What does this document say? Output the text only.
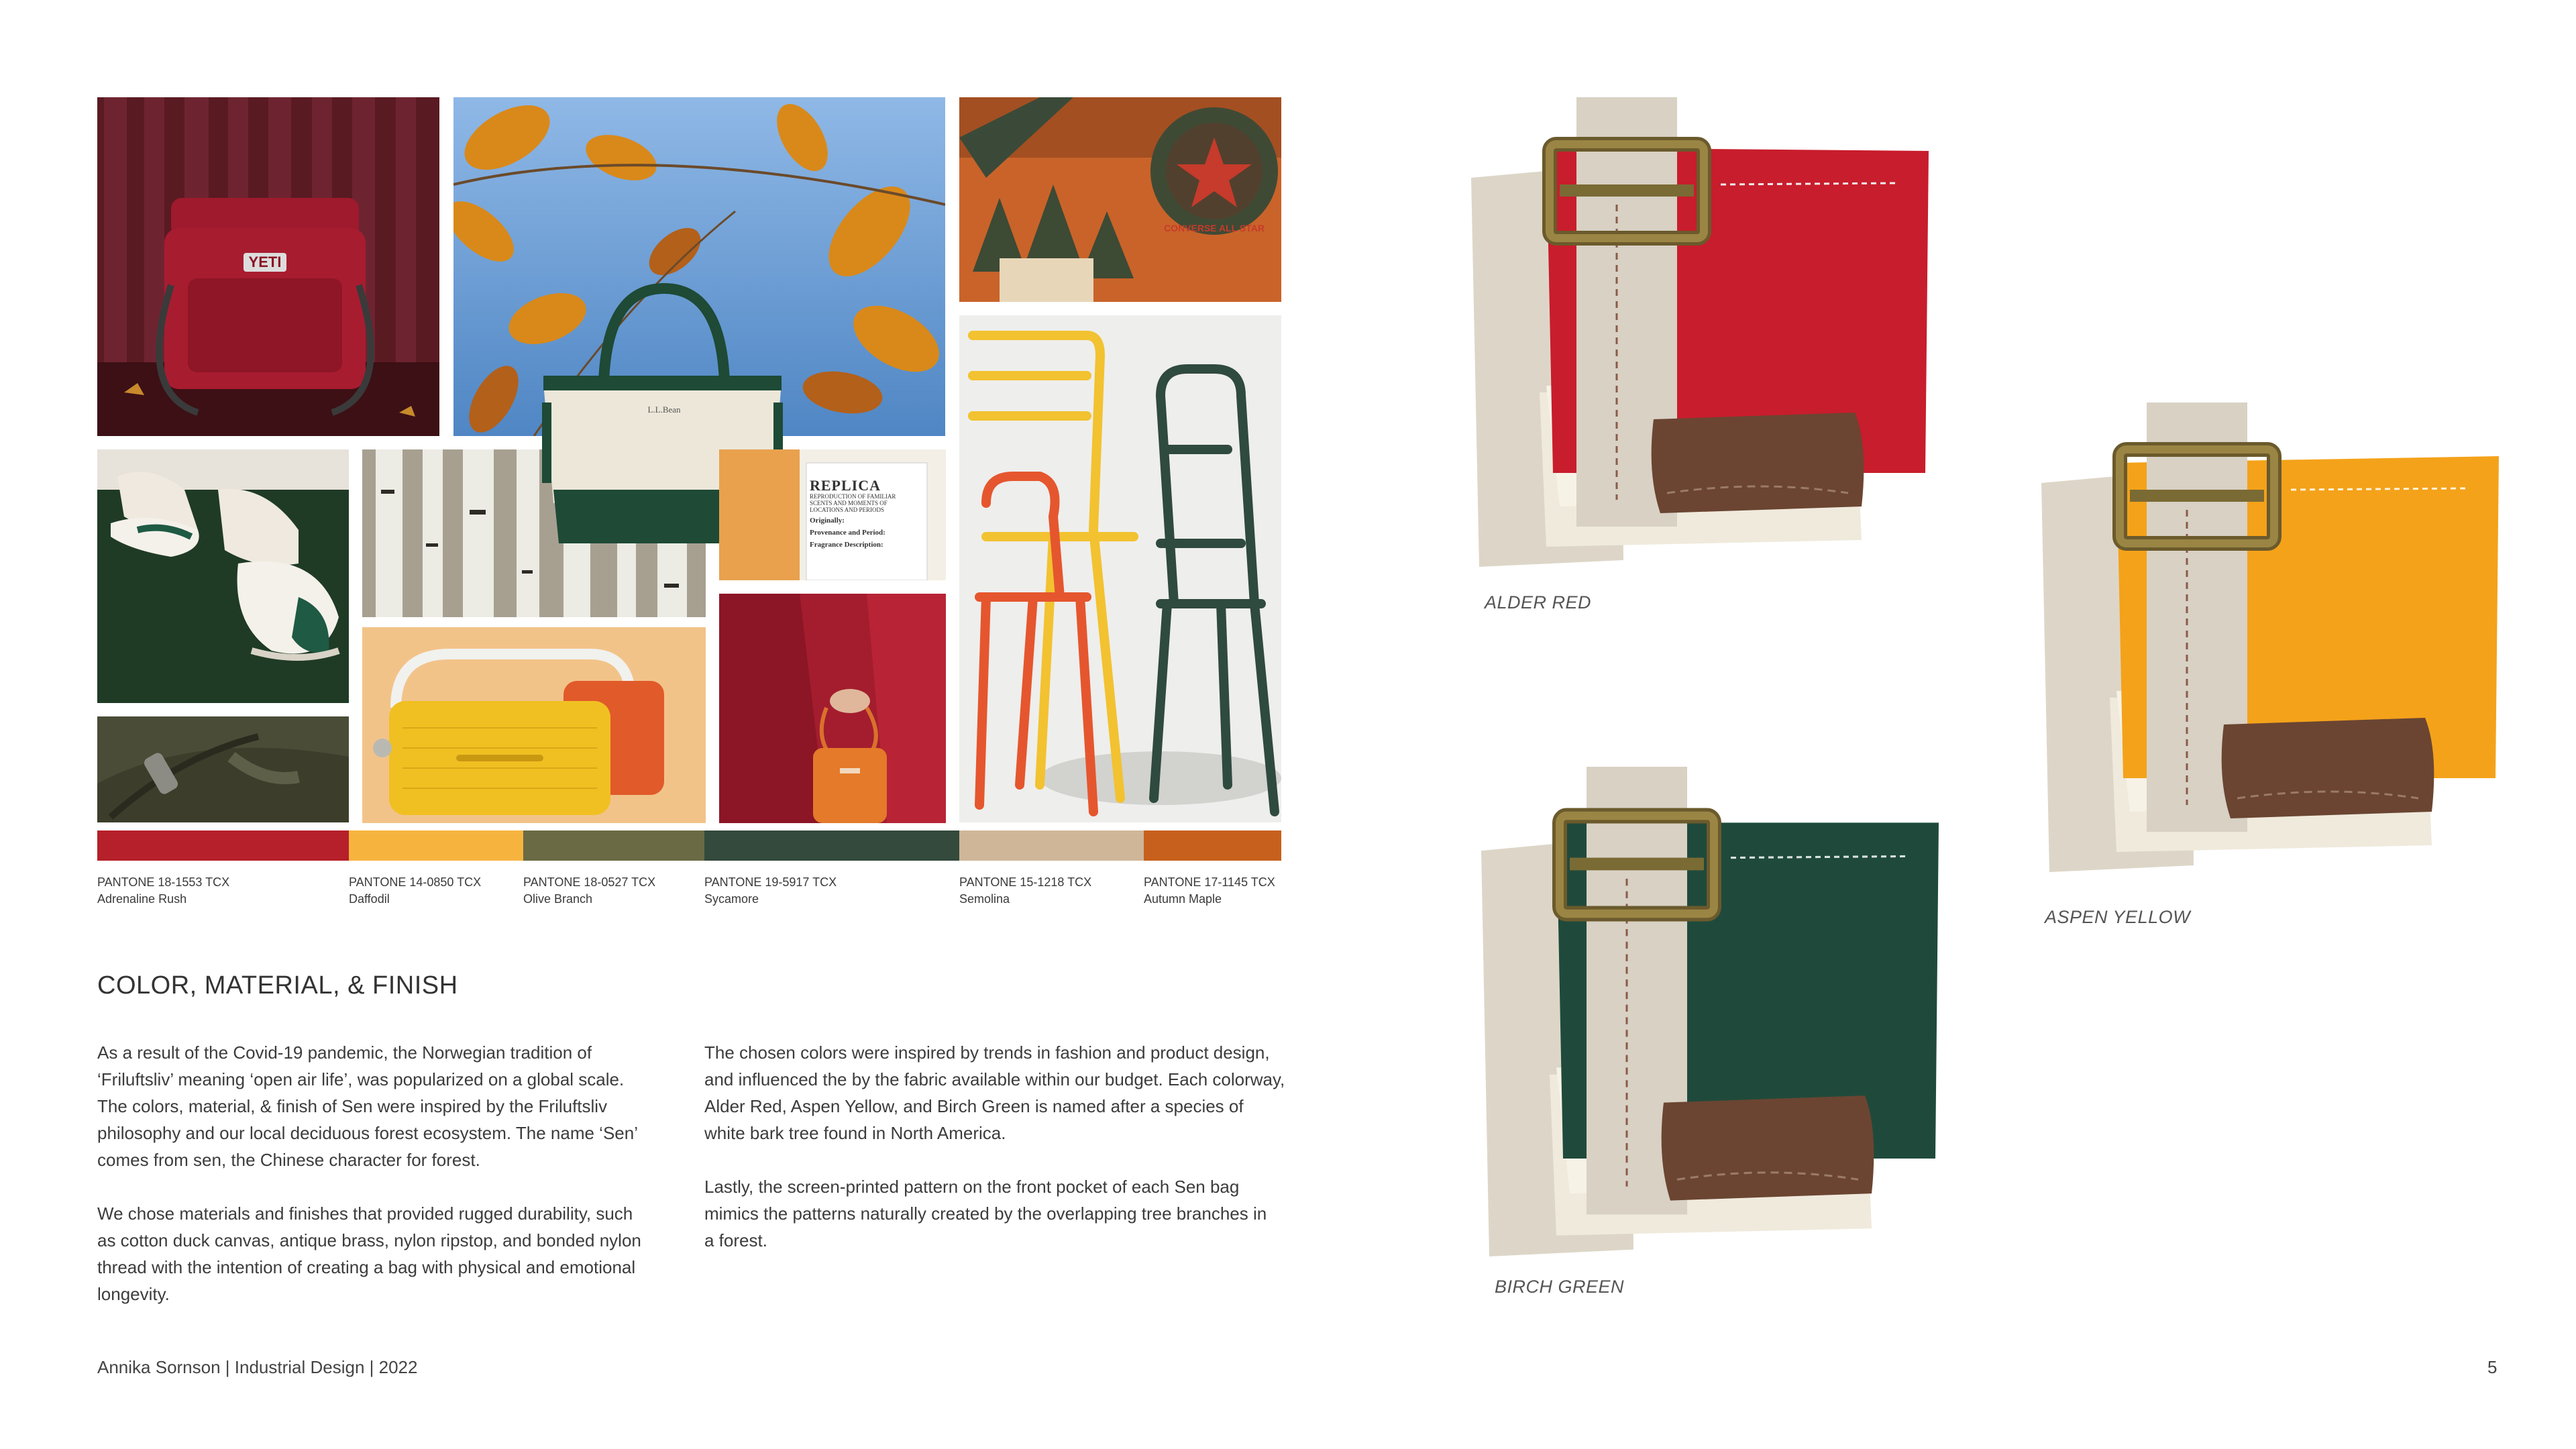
YETI
CONVERSE ALL STAR
L.L.Bean
REPLICA
REPRODUCTION OF FAMILIAR
SCENTS AND MOMENTS OF
LOCATIONS AND PERIODS
Originally:
Provenance and Period:
Fragrance Description:
PANTONE 18-1553 TCX
Adrenaline Rush
PANTONE 14-0850 TCX
Daffodil
PANTONE 18-0527 TCX
Olive Branch
PANTONE 19-5917 TCX
Sycamore
PANTONE 15-1218 TCX
Semolina
PANTONE 17-1145 TCX
Autumn Maple
COLOR, MATERIAL, & FINISH

As a result of the Covid-19 pandemic, the Norwegian tradition of ‘Friluftsliv’ meaning ‘open air life’, was popularized on a global scale. The colors, material, & finish of Sen were inspired by the Friluftsliv philosophy and our local deciduous forest ecosystem. The name ‘Sen’ comes from sen, the Chinese character for forest.

We chose materials and finishes that provided rugged durability, such as cotton duck canvas, antique brass, nylon ripstop, and bonded nylon thread with the intention of creating a bag with physical and emotional longevity.

The chosen colors were inspired by trends in fashion and product design, and influenced the by the fabric available within our budget. Each colorway, Alder Red, Aspen Yellow, and Birch Green is named after a species of white bark tree found in North America.

Lastly, the screen-printed pattern on the front pocket of each Sen bag mimics the patterns naturally created by the overlapping tree branches in a forest.

ALDER RED
ASPEN YELLOW
BIRCH GREEN
Annika Sornson | Industrial Design | 2022	5
